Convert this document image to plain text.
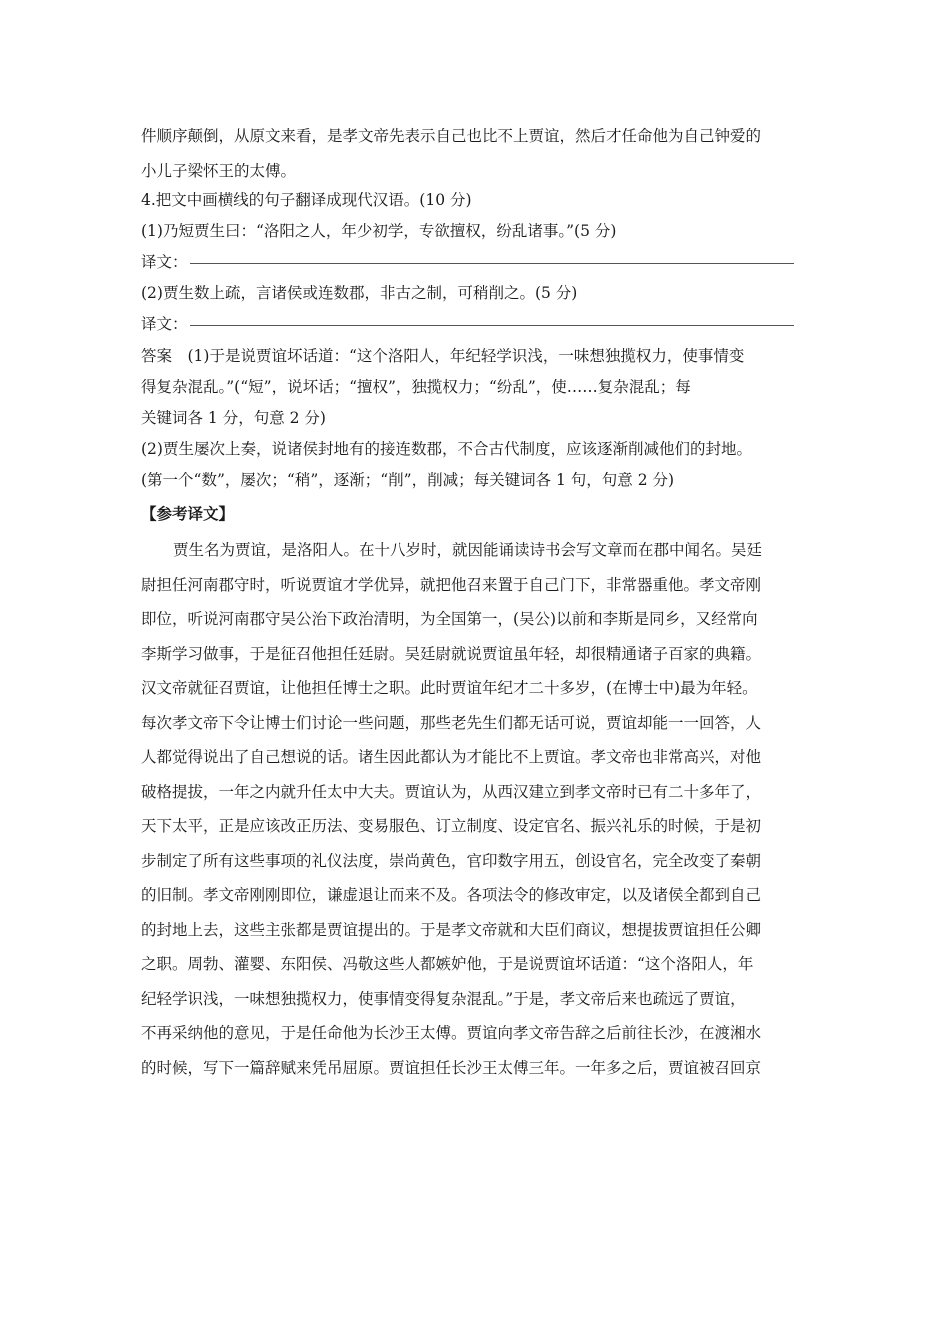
件顺序颠倒，从原文来看，是孝文帝先表示自己也比不上贾谊，然后才任命他为自己钟爱的
小儿子梁怀王的太傅。
4.把文中画横线的句子翻译成现代汉语。(10 分)
(1)乃短贾生曰：“洛阳之人，年少初学，专欲擅权，纷乱诸事。”(5 分)
译文：
(2)贾生数上疏，言诸侯或连数郡，非古之制，可稍削之。(5 分)
译文：
答案　(1)于是说贾谊坏话道：“这个洛阳人，年纪轻学识浅，一味想独揽权力，使事情变
得复杂混乱。”(“短”，说坏话；“擅权”，独揽权力；“纷乱”，使……复杂混乱；每
关键词各 1 分，句意 2 分)
(2)贾生屡次上奏，说诸侯封地有的接连数郡，不合古代制度，应该逐渐削减他们的封地。
(第一个“数”，屡次；“稍”，逐渐；“削”，削减；每关键词各 1 句，句意 2 分)
【参考译文】
贾生名为贾谊，是洛阳人。在十八岁时，就因能诵读诗书会写文章而在郡中闻名。吴廷
尉担任河南郡守时，听说贾谊才学优异，就把他召来置于自己门下，非常器重他。孝文帝刚
即位，听说河南郡守吴公治下政治清明，为全国第一，(吴公)以前和李斯是同乡，又经常向
李斯学习做事，于是征召他担任廷尉。吴廷尉就说贾谊虽年轻，却很精通诸子百家的典籍。
汉文帝就征召贾谊，让他担任博士之职。此时贾谊年纪才二十多岁，(在博士中)最为年轻。
每次孝文帝下令让博士们讨论一些问题，那些老先生们都无话可说，贾谊却能一一回答，人
人都觉得说出了自己想说的话。诸生因此都认为才能比不上贾谊。孝文帝也非常高兴，对他
破格提拔，一年之内就升任太中大夫。贾谊认为，从西汉建立到孝文帝时已有二十多年了，
天下太平，正是应该改正历法、变易服色、订立制度、设定官名、振兴礼乐的时候，于是初
步制定了所有这些事项的礼仪法度，崇尚黄色，官印数字用五，创设官名，完全改变了秦朝
的旧制。孝文帝刚刚即位，谦虚退让而来不及。各项法令的修改审定，以及诸侯全都到自己
的封地上去，这些主张都是贾谊提出的。于是孝文帝就和大臣们商议，想提拔贾谊担任公卿
之职。周勃、灌婴、东阳侯、冯敬这些人都嫉妒他，于是说贾谊坏话道：“这个洛阳人，年
纪轻学识浅，一味想独揽权力，使事情变得复杂混乱。”于是，孝文帝后来也疏远了贾谊，
不再采纳他的意见，于是任命他为长沙王太傅。贾谊向孝文帝告辞之后前往长沙，在渡湘水
的时候，写下一篇辞赋来凭吊屈原。贾谊担任长沙王太傅三年。一年多之后，贾谊被召回京
